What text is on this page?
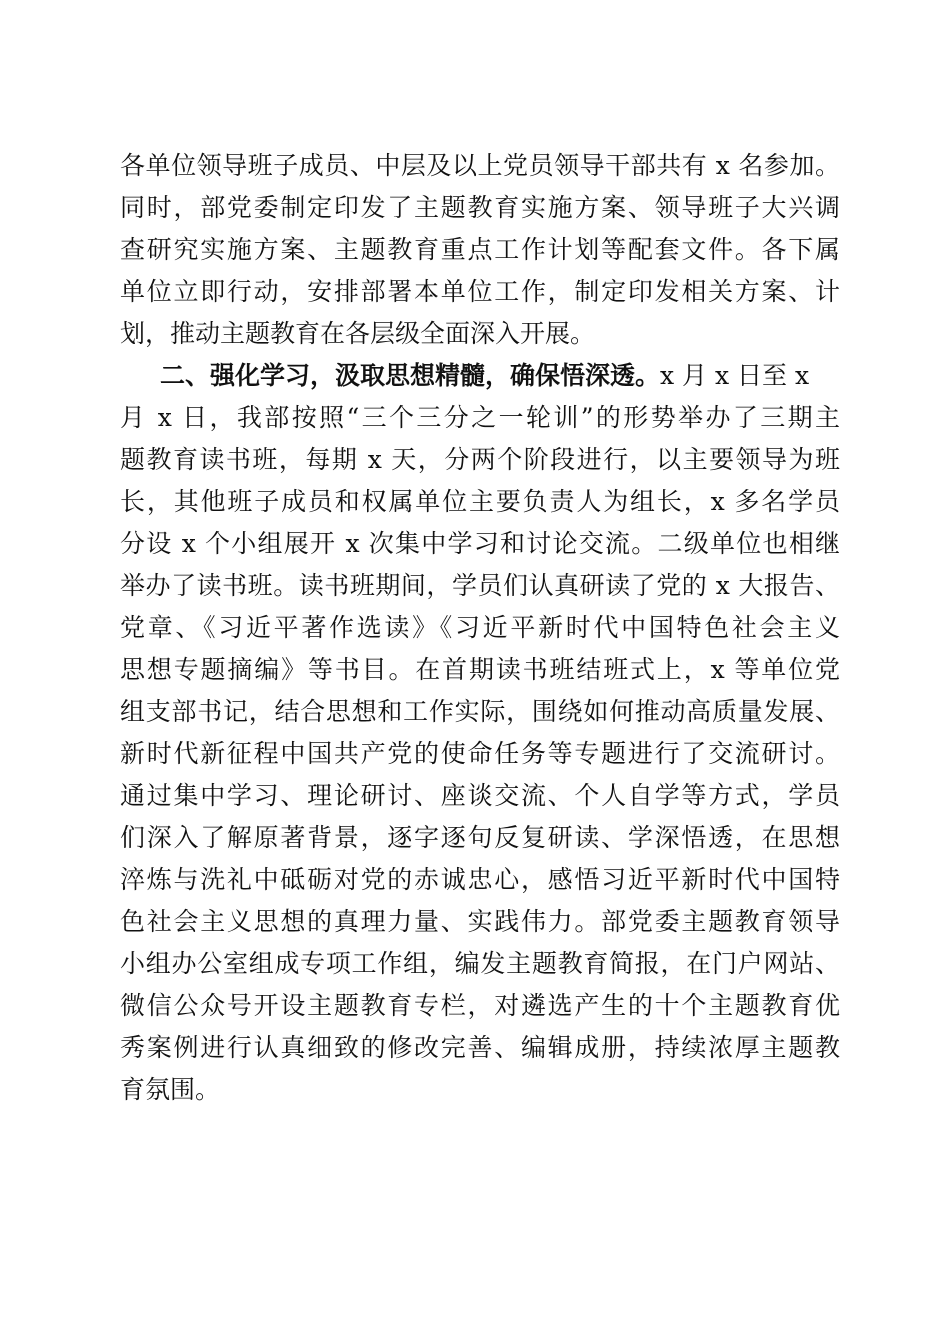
各单位领导班子成员、中层及以上党员领导干部共有 x 名参加。
同时，部党委制定印发了主题教育实施方案、领导班子大兴调
查研究实施方案、主题教育重点工作计划等配套文件。各下属
单位立即行动，安排部署本单位工作，制定印发相关方案、计
划，推动主题教育在各层级全面深入开展。
二、强化学习，汲取思想精髓，确保悟深透。x 月 x 日至 x
月 x 日，我部按照“三个三分之一轮训”的形势举办了三期主
题教育读书班，每期 x 天，分两个阶段进行，以主要领导为班
长，其他班子成员和权属单位主要负责人为组长，x 多名学员
分设 x 个小组展开 x 次集中学习和讨论交流。二级单位也相继
举办了读书班。读书班期间，学员们认真研读了党的 x 大报告、
党章、《习近平著作选读》《习近平新时代中国特色社会主义
思想专题摘编》等书目。在首期读书班结班式上，x 等单位党
组支部书记，结合思想和工作实际，围绕如何推动高质量发展、
新时代新征程中国共产党的使命任务等专题进行了交流研讨。
通过集中学习、理论研讨、座谈交流、个人自学等方式，学员
们深入了解原著背景，逐字逐句反复研读、学深悟透，在思想
淬炼与洗礼中砥砺对党的赤诚忠心，感悟习近平新时代中国特
色社会主义思想的真理力量、实践伟力。部党委主题教育领导
小组办公室组成专项工作组，编发主题教育简报，在门户网站、
微信公众号开设主题教育专栏，对遴选产生的十个主题教育优
秀案例进行认真细致的修改完善、编辑成册，持续浓厚主题教
育氛围。
